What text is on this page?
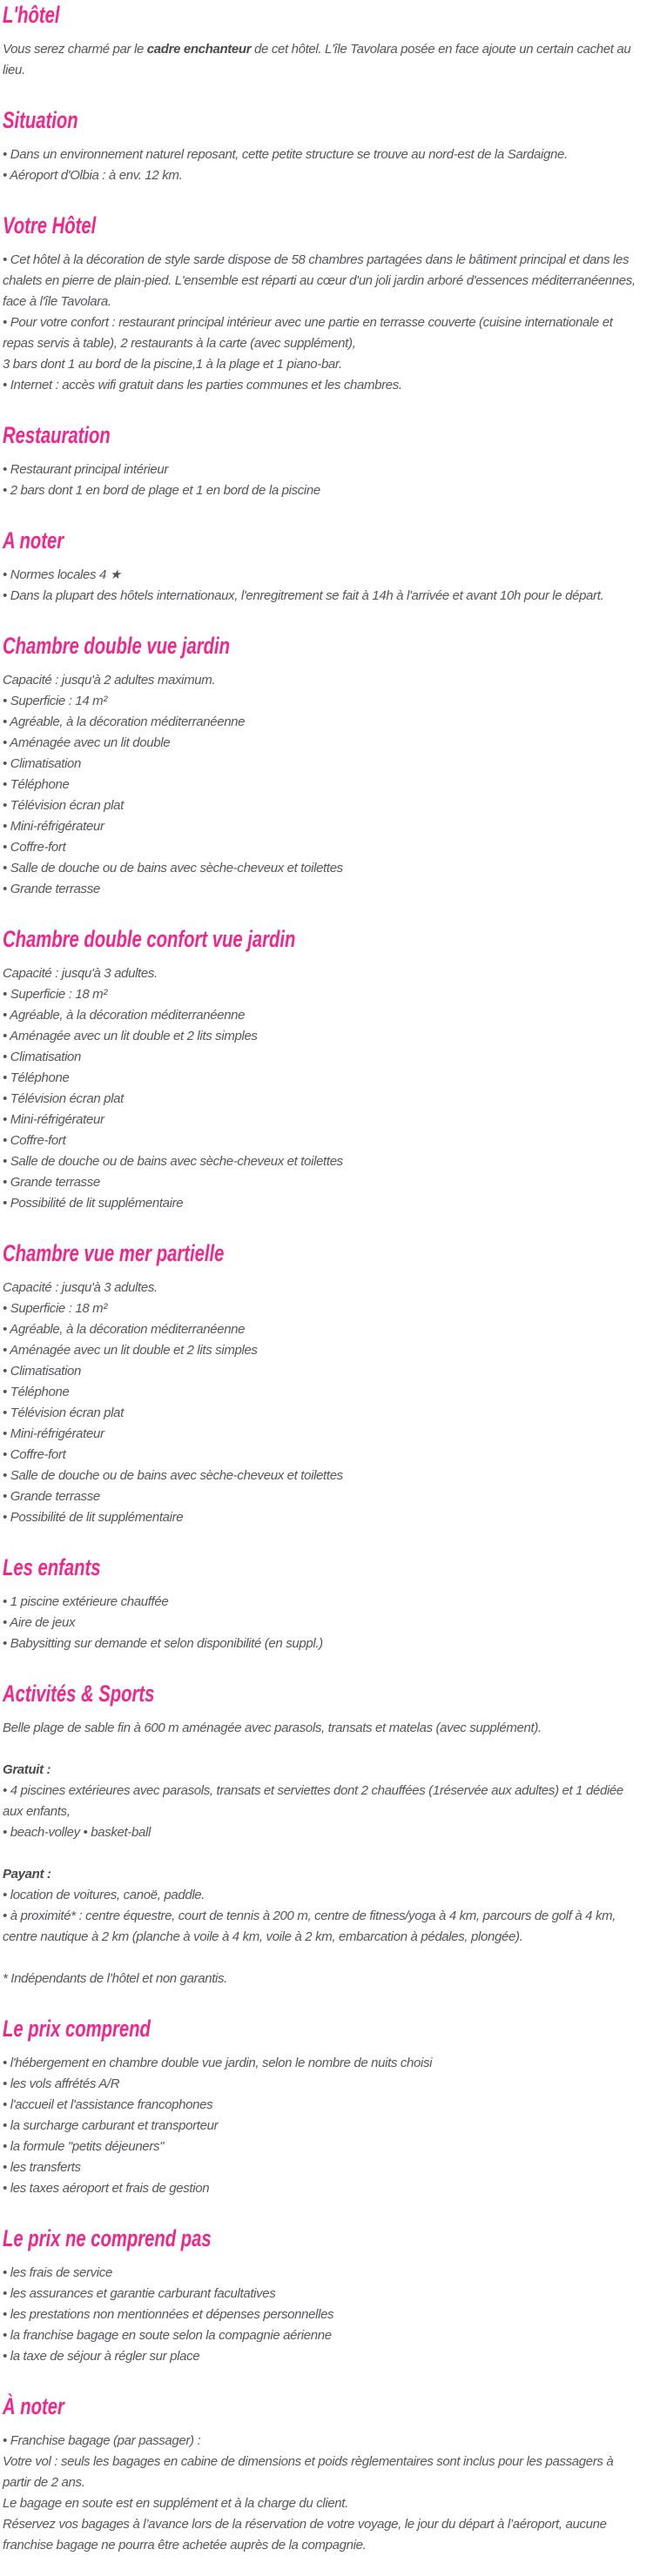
L'hôtel
Vous serez charmé par le cadre enchanteur de cet hôtel. L'île Tavolara posée en face ajoute un certain cachet au lieu.
Situation
• Dans un environnement naturel reposant, cette petite structure se trouve au nord-est de la Sardaigne.
• Aéroport d'Olbia : à env. 12 km.
Votre Hôtel
• Cet hôtel à la décoration de style sarde dispose de 58 chambres partagées dans le bâtiment principal et dans les chalets en pierre de plain-pied. L'ensemble est réparti au cœur d'un joli jardin arboré d'essences méditerranéennes, face à l'île Tavolara.
• Pour votre confort : restaurant principal intérieur avec une partie en terrasse couverte (cuisine internationale et repas servis à table), 2 restaurants à la carte (avec supplément),
3 bars dont 1 au bord de la piscine,1 à la plage et 1 piano-bar.
• Internet : accès wifi gratuit dans les parties communes et les chambres.
Restauration
• Restaurant principal intérieur
• 2 bars dont 1 en bord de plage et 1 en bord de la piscine
A noter
• Normes locales 4 ★
• Dans la plupart des hôtels internationaux, l'enregitrement se fait à 14h à l'arrivée et avant 10h pour le départ.
Chambre double vue jardin
Capacité : jusqu'à 2 adultes maximum.
• Superficie : 14 m²
• Agréable, à la décoration méditerranéenne
• Aménagée avec un lit double
• Climatisation
• Téléphone
• Télévision écran plat
• Mini-réfrigérateur
• Coffre-fort
• Salle de douche ou de bains avec sèche-cheveux et toilettes
• Grande terrasse
Chambre double confort vue jardin
Capacité : jusqu'à 3 adultes.
• Superficie : 18 m²
• Agréable, à la décoration méditerranéenne
• Aménagée avec un lit double et 2 lits simples
• Climatisation
• Téléphone
• Télévision écran plat
• Mini-réfrigérateur
• Coffre-fort
• Salle de douche ou de bains avec sèche-cheveux et toilettes
• Grande terrasse
• Possibilité de lit supplémentaire
Chambre vue mer partielle
Capacité : jusqu'à 3 adultes.
• Superficie : 18 m²
• Agréable, à la décoration méditerranéenne
• Aménagée avec un lit double et 2 lits simples
• Climatisation
• Téléphone
• Télévision écran plat
• Mini-réfrigérateur
• Coffre-fort
• Salle de douche ou de bains avec sèche-cheveux et toilettes
• Grande terrasse
• Possibilité de lit supplémentaire
Les enfants
• 1 piscine extérieure chauffée
• Aire de jeux
• Babysitting sur demande et selon disponibilité (en suppl.)
Activités & Sports
Belle plage de sable fin à 600 m aménagée avec parasols, transats et matelas (avec supplément).
Gratuit :
• 4 piscines extérieures avec parasols, transats et serviettes dont 2 chauffées (1réservée aux adultes) et 1 dédiée aux enfants,
• beach-volley • basket-ball
Payant :
• location de voitures, canoë, paddle.
• à proximité* : centre équestre, court de tennis à 200 m, centre de fitness/yoga à 4 km, parcours de golf à 4 km, centre nautique à 2 km (planche à voile à 4 km, voile à 2 km, embarcation à pédales, plongée).
* Indépendants de l’hôtel et non garantis.
Le prix comprend
• l'hébergement en chambre double vue jardin, selon le nombre de nuits choisi
• les vols affrétés A/R
• l'accueil et l'assistance francophones
• la surcharge carburant et transporteur
• la formule "petits déjeuners"
• les transferts
• les taxes aéroport et frais de gestion
Le prix ne comprend pas
• les frais de service
• les assurances et garantie carburant facultatives
• les prestations non mentionnées et dépenses personnelles
• la franchise bagage en soute selon la compagnie aérienne
• la taxe de séjour à régler sur place
À noter
• Franchise bagage (par passager) :
Votre vol : seuls les bagages en cabine de dimensions et poids règlementaires sont inclus pour les passagers à partir de 2 ans.
Le bagage en soute est en supplément et à la charge du client.
Réservez vos bagages à l’avance lors de la réservation de votre voyage, le jour du départ à l’aéroport, aucune franchise bagage ne pourra être achetée auprès de la compagnie.
